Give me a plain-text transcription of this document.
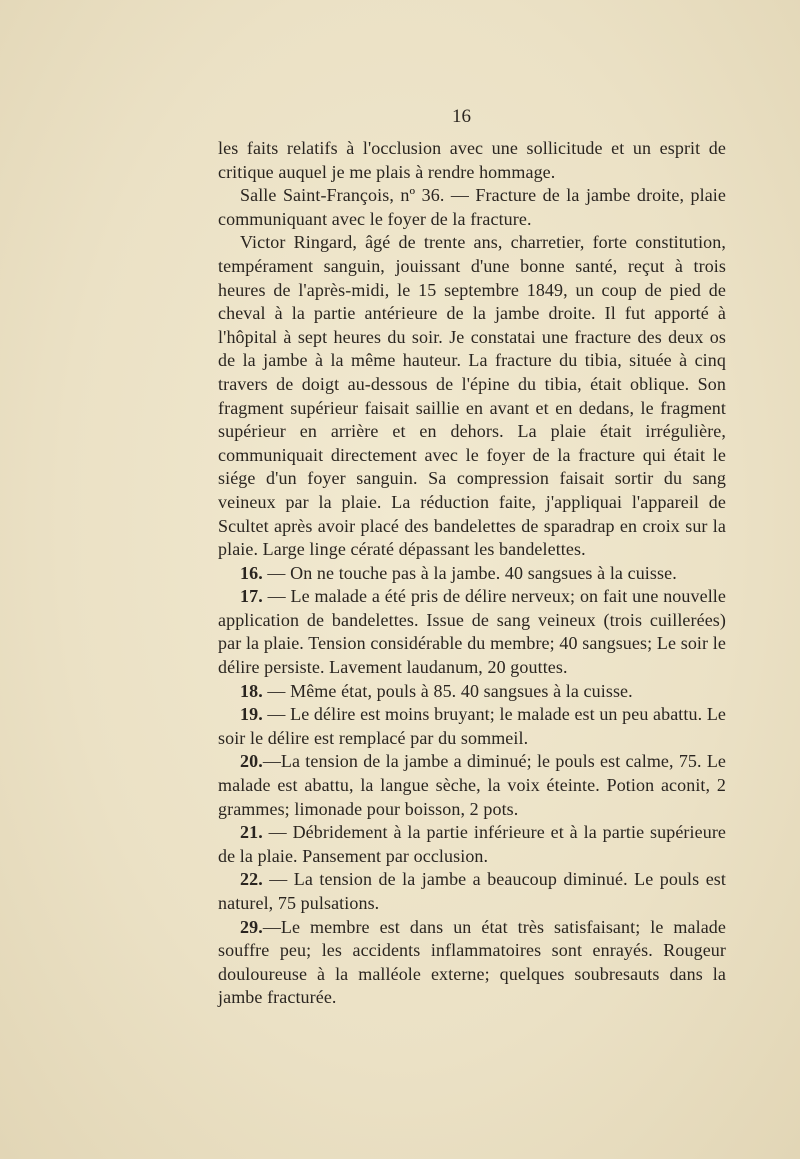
16

les faits relatifs à l'occlusion avec une sollicitude et un esprit de critique auquel je me plais à rendre hommage.

Salle Saint-François, nº 36. — Fracture de la jambe droite, plaie communiquant avec le foyer de la fracture.

Victor Ringard, âgé de trente ans, charretier, forte constitution, tempérament sanguin, jouissant d'une bonne santé, reçut à trois heures de l'après-midi, le 15 septembre 1849, un coup de pied de cheval à la partie antérieure de la jambe droite. Il fut apporté à l'hôpital à sept heures du soir. Je constatai une fracture des deux os de la jambe à la même hauteur. La fracture du tibia, située à cinq travers de doigt au-dessous de l'épine du tibia, était oblique. Son fragment supérieur faisait saillie en avant et en dedans, le fragment supérieur en arrière et en dehors. La plaie était irrégulière, communiquait directement avec le foyer de la fracture qui était le siége d'un foyer sanguin. Sa compression faisait sortir du sang veineux par la plaie. La réduction faite, j'appliquai l'appareil de Scultet après avoir placé des bandelettes de sparadrap en croix sur la plaie. Large linge cératé dépassant les bandelettes.

16. — On ne touche pas à la jambe. 40 sangsues à la cuisse.

17. — Le malade a été pris de délire nerveux; on fait une nouvelle application de bandelettes. Issue de sang veineux (trois cuillerées) par la plaie. Tension considérable du membre; 40 sangsues; Le soir le délire persiste. Lavement laudanum, 20 gouttes.

18. — Même état, pouls à 85. 40 sangsues à la cuisse.

19. — Le délire est moins bruyant; le malade est un peu abattu. Le soir le délire est remplacé par du sommeil.

20.—La tension de la jambe a diminué; le pouls est calme, 75. Le malade est abattu, la langue sèche, la voix éteinte. Potion aconit, 2 grammes; limonade pour boisson, 2 pots.

21. — Débridement à la partie inférieure et à la partie supérieure de la plaie. Pansement par occlusion.

22. — La tension de la jambe a beaucoup diminué. Le pouls est naturel, 75 pulsations.

29.—Le membre est dans un état très satisfaisant; le malade souffre peu; les accidents inflammatoires sont enrayés. Rougeur douloureuse à la malléole externe; quelques soubresauts dans la jambe fracturée.
